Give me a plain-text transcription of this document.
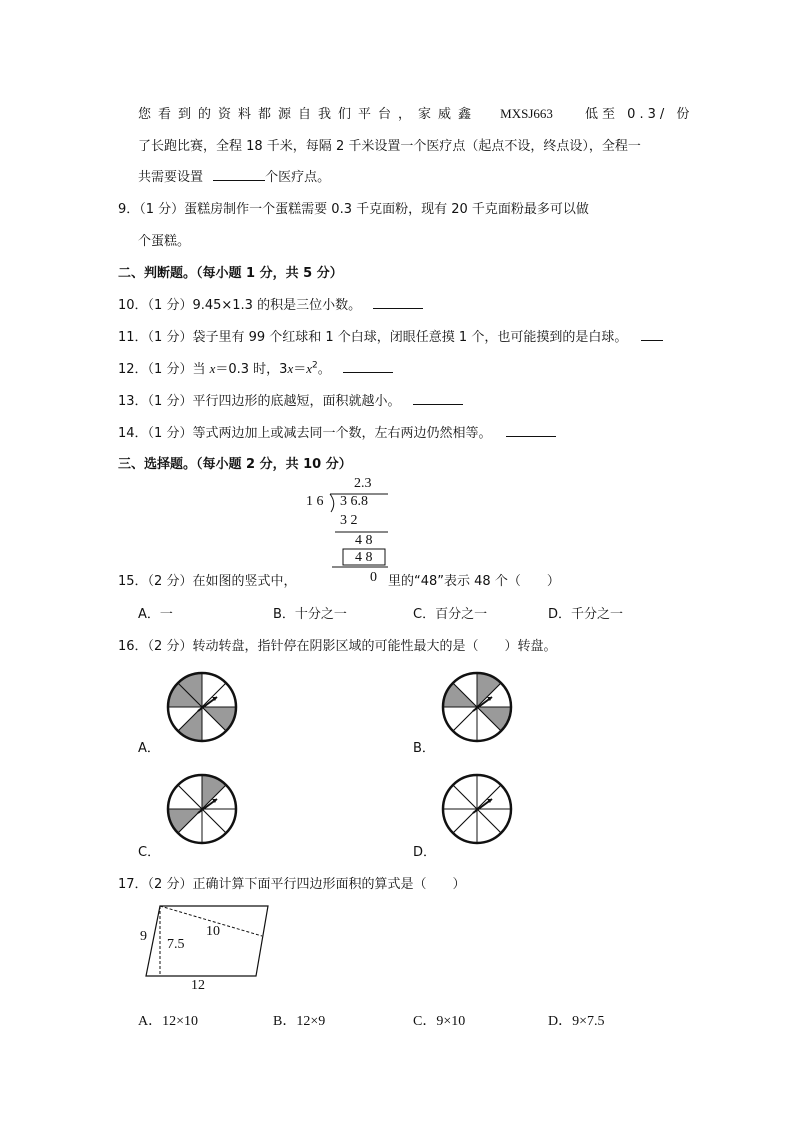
您看到的资料都源自我们平台，家威鑫 MXSJ663 低至 0.3/ 份
了长跑比赛，全程 18 千米，每隔 2 千米设置一个医疗点（起点不设，终点设），全程一
共需要设置	个医疗点。
9．（1 分）蛋糕房制作一个蛋糕需要 0.3 千克面粉，现有 20 千克面粉最多可以做
个蛋糕。
二、判断题。（每小题 1 分，共 5 分）
10．（1 分）9.45×1.3 的积是三位小数。
11．（1 分）袋子里有 99 个红球和 1 个白球，闭眼任意摸 1 个，也可能摸到的是白球。
12．（1 分）当 x＝0.3 时，$3x=x^2$。
13．（1 分）平行四边形的底越短，面积就越小。
14．（1 分）等式两边加上或减去同一个数，左右两边仍然相等。
三、选择题。（每小题 2 分，共 10 分）
2.3
1 6 3 6.8
3 2
4 8
4 8
0
15．（2 分）在如图的竖式中，	里的“48”表示 48 个（　　）
A．一	B．十分之一	C．百分之一	D．千分之一
16．（2 分）转动转盘，指针停在阴影区域的可能性最大的是（　　）转盘。
A．	B．
C．	D．
17．（2 分）正确计算下面平行四边形面积的算式是（　　）
9
7.5
10
12
A．12×10	B．12×9	C．9×10	D．9×7.5
